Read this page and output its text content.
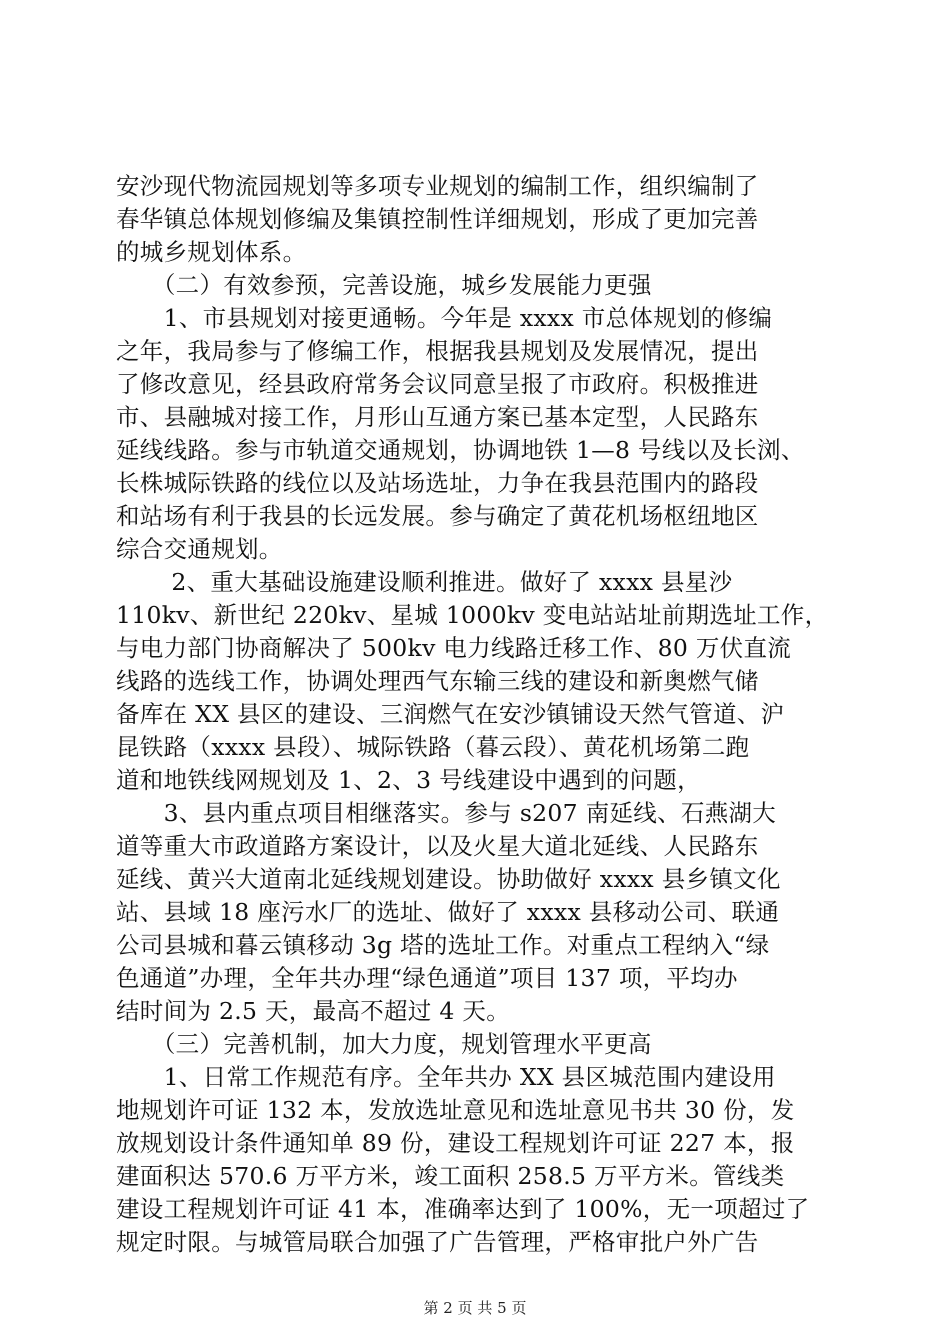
安沙现代物流园规划等多项专业规划的编制工作，组织编制了
春华镇总体规划修编及集镇控制性详细规划，形成了更加完善
的城乡规划体系。
　　（二）有效参预，完善设施，城乡发展能力更强
　　1、市县规划对接更通畅。今年是 xxxx 市总体规划的修编
之年，我局参与了修编工作，根据我县规划及发展情况，提出
了修改意见，经县政府常务会议同意呈报了市政府。积极推进
市、县融城对接工作，月形山互通方案已基本定型，人民路东
延线线路。参与市轨道交通规划，协调地铁 1—8 号线以及长浏、
长株城际铁路的线位以及站场选址，力争在我县范围内的路段
和站场有利于我县的长远发展。参与确定了黄花机场枢纽地区
综合交通规划。
　　 2、重大基础设施建设顺利推进。做好了 xxxx 县星沙
110kv、新世纪 220kv、星城 1000kv 变电站站址前期选址工作，
与电力部门协商解决了 500kv 电力线路迁移工作、80 万伏直流
线路的选线工作，协调处理西气东输三线的建设和新奥燃气储
备库在 XX 县区的建设、三润燃气在安沙镇铺设天然气管道、沪
昆铁路（xxxx 县段）、城际铁路（暮云段）、黄花机场第二跑
道和地铁线网规划及 1、2、3 号线建设中遇到的问题，
　　3、县内重点项目相继落实。参与 s207 南延线、石燕湖大
道等重大市政道路方案设计，以及火星大道北延线、人民路东
延线、黄兴大道南北延线规划建设。协助做好 xxxx 县乡镇文化
站、县域 18 座污水厂的选址、做好了 xxxx 县移动公司、联通
公司县城和暮云镇移动 3g 塔的选址工作。对重点工程纳入“绿
色通道”办理，全年共办理“绿色通道”项目 137 项，平均办
结时间为 2.5 天，最高不超过 4 天。
　　（三）完善机制，加大力度，规划管理水平更高
　　1、日常工作规范有序。全年共办 XX 县区城范围内建设用
地规划许可证 132 本，发放选址意见和选址意见书共 30 份，发
放规划设计条件通知单 89 份，建设工程规划许可证 227 本，报
建面积达 570.6 万平方米，竣工面积 258.5 万平方米。管线类
建设工程规划许可证 41 本，准确率达到了 100%，无一项超过了
规定时限。与城管局联合加强了广告管理，严格审批户外广告
第 2 页 共 5 页
